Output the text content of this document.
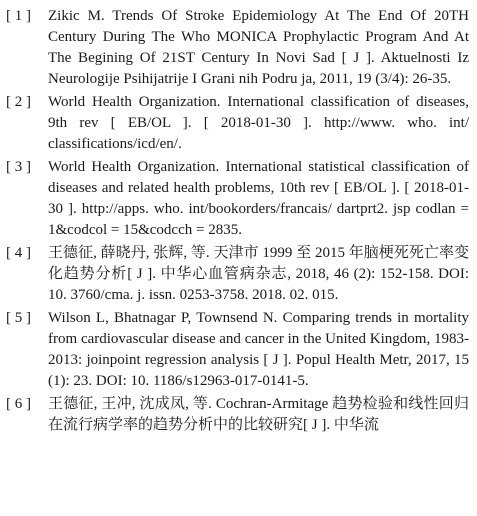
[ 1 ] Zikic M. Trends Of Stroke Epidemiology At The End Of 20TH Century During The Who MONICA Prophylactic Program And At The Begining Of 21ST Century In Novi Sad [ J ]. Aktuelnosti Iz Neurologije Psihijatrije I Grani nih Podru ja, 2011, 19 (3/4): 26-35.
[ 2 ] World Health Organization. International classification of diseases, 9th rev [ EB/OL ]. [ 2018-01-30 ]. http://www. who. int/ classifications/icd/en/.
[ 3 ] World Health Organization. International statistical classification of diseases and related health problems, 10th rev [ EB/OL ]. [ 2018-01-30 ]. http://apps. who. int/bookorders/francais/ dartprt2. jsp codlan = 1&codcol = 15&codcch = 2835.
[ 4 ] 王德征, 薛晓丹, 张辉, 等. 天津市 1999 至 2015 年脑梗死死亡率变化趋势分析[ J ]. 中华心血管病杂志, 2018, 46 (2): 152-158. DOI: 10. 3760/cma. j. issn. 0253-3758. 2018. 02. 015.
[ 5 ] Wilson L, Bhatnagar P, Townsend N. Comparing trends in mortality from cardiovascular disease and cancer in the United Kingdom, 1983-2013: joinpoint regression analysis [ J ]. Popul Health Metr, 2017, 15 (1): 23. DOI: 10. 1186/s12963-017-0141-5.
[ 6 ] 王德征, 王冲, 沈成凤, 等. Cochran-Armitage 趋势检验和线性回归在流行病学率的趋势分析中的比较研究[ J ]. 中华流
